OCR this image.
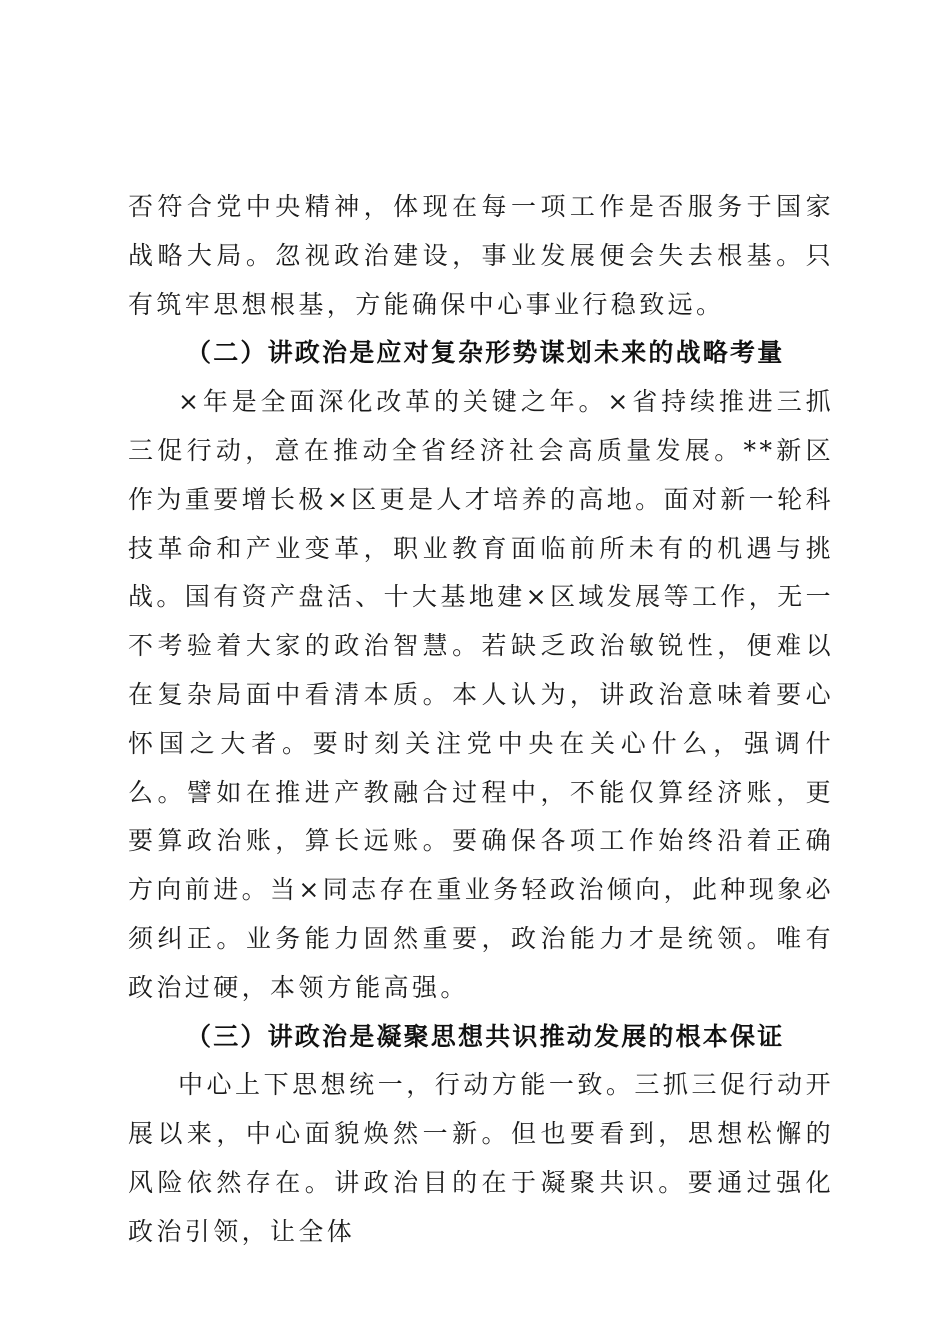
否符合党中央精神，体现在每一项工作是否服务于国家战略大局。忽视政治建设，事业发展便会失去根基。只有筑牢思想根基，方能确保中心事业行稳致远。

（二）讲政治是应对复杂形势谋划未来的战略考量

×年是全面深化改革的关键之年。×省持续推进三抓三促行动，意在推动全省经济社会高质量发展。**新区作为重要增长极×区更是人才培养的高地。面对新一轮科技革命和产业变革，职业教育面临前所未有的机遇与挑战。国有资产盘活、十大基地建×区域发展等工作，无一不考验着大家的政治智慧。若缺乏政治敏锐性，便难以在复杂局面中看清本质。本人认为，讲政治意味着要心怀国之大者。要时刻关注党中央在关心什么，强调什么。譬如在推进产教融合过程中，不能仅算经济账，更要算政治账，算长远账。要确保各项工作始终沿着正确方向前进。当×同志存在重业务轻政治倾向，此种现象必须纠正。业务能力固然重要，政治能力才是统领。唯有政治过硬，本领方能高强。

（三）讲政治是凝聚思想共识推动发展的根本保证

中心上下思想统一，行动方能一致。三抓三促行动开展以来，中心面貌焕然一新。但也要看到，思想松懈的风险依然存在。讲政治目的在于凝聚共识。要通过强化政治引领，让全体
